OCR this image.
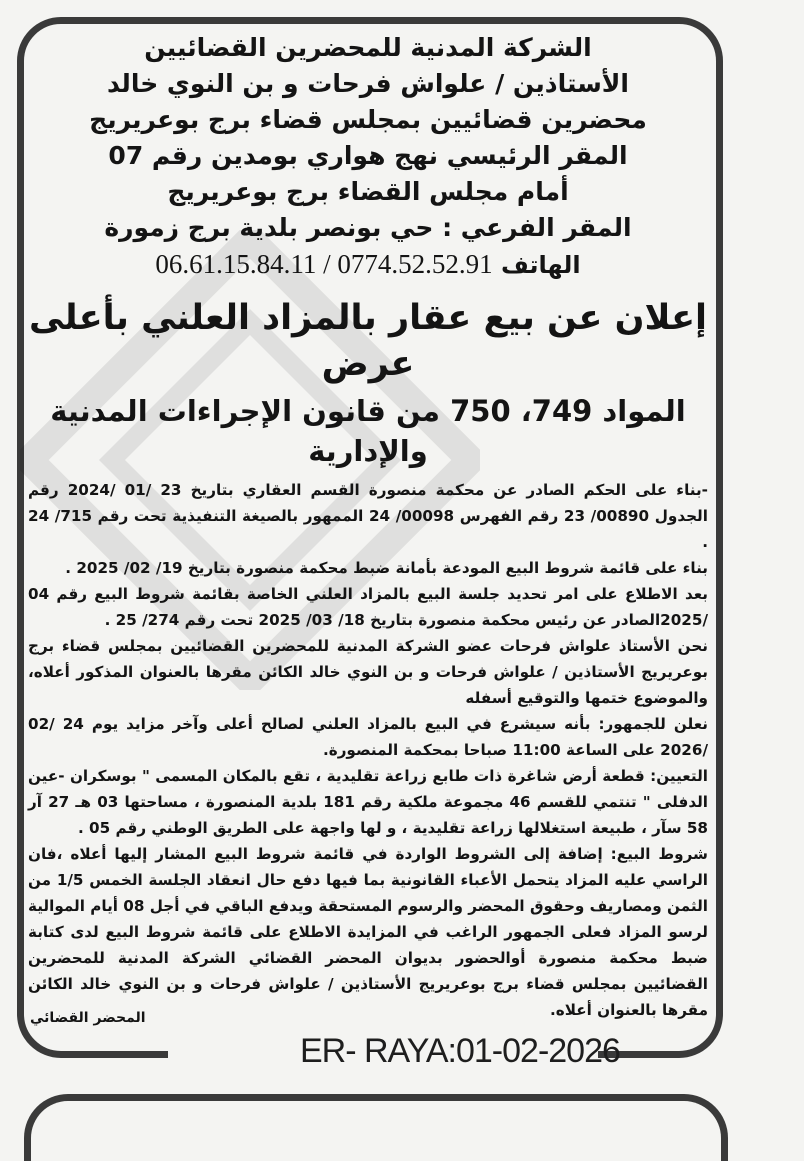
الشركة المدنية للمحضرين القضائيين

الأستاذين / علواش فرحات و بن النوي خالد

محضرين قضائيين بمجلس قضاء برج بوعريريج

المقر الرئيسي نهج هواري بومدين رقم 07

أمام مجلس القضاء برج بوعريريج

المقر الفرعي : حي بونصر بلدية برج زمورة

الهاتف 06.61.15.84.11 / 0774.52.52.91

إعلان عن بيع عقار بالمزاد العلني بأعلى عرض
المواد 749، 750 من قانون الإجراءات المدنية والإدارية

-بناء على الحكم الصادر عن محكمة منصورة القسم العقاري بتاريخ 23 /01 /2024 رقم الجدول 00890/ 23 رقم الفهرس 00098/ 24 الممهور بالصيغة التنفيذية تحت رقم 715/ 24 .

بناء على قائمة شروط البيع المودعة بأمانة ضبط محكمة منصورة بتاريخ 19/ 02/ 2025 .

بعد الاطلاع على امر تحديد جلسة البيع بالمزاد العلني الخاصة بقائمة شروط البيع رقم 04 /2025الصادر عن رئيس محكمة منصورة بتاريخ 18/ 03/ 2025 تحت رقم 274/ 25 .

نحن الأستاذ علواش فرحات عضو الشركة المدنية للمحضرين القضائيين بمجلس قضاء برج بوعريريج الأستاذين / علواش فرحات و بن النوي خالد الكائن مقرها بالعنوان المذكور أعلاه، والموضوع ختمها والتوقيع أسفله

نعلن للجمهور: بأنه سيشرع في البيع بالمزاد العلني لصالح أعلى وآخر مزايد يوم 24 /02 /2026 على الساعة 11:00 صباحا بمحكمة المنصورة.

التعيين: قطعة أرض شاغرة ذات طابع زراعة تقليدية ، تقع بالمكان المسمى " بوسكران -عين الدفلى " تنتمي للقسم 46 مجموعة ملكية رقم 181 بلدية المنصورة ، مساحتها 03 هـ 27 آر 58 سآر ، طبيعة استغلالها زراعة تقليدية ، و لها واجهة على الطريق الوطني رقم 05 .

شروط البيع: إضافة إلى الشروط الواردة في قائمة شروط البيع المشار إليها أعلاه ،فان الراسي عليه المزاد يتحمل الأعباء القانونية بما فيها دفع حال انعقاد الجلسة الخمس 1/5 من الثمن ومصاريف وحقوق المحضر والرسوم المستحقة ويدفع الباقي في أجل 08 أيام الموالية لرسو المزاد فعلى الجمهور الراغب في المزايدة الاطلاع على قائمة شروط البيع لدى كتابة ضبط محكمة منصورة أوالحضور بديوان المحضر القضائي الشركة المدنية للمحضرين القضائيين بمجلس قضاء برج بوعريريج الأستاذين / علواش فرحات و بن النوي خالد الكائن مقرها بالعنوان أعلاه.

المحضر القضائي
ER- RAYA:01-02-2026
